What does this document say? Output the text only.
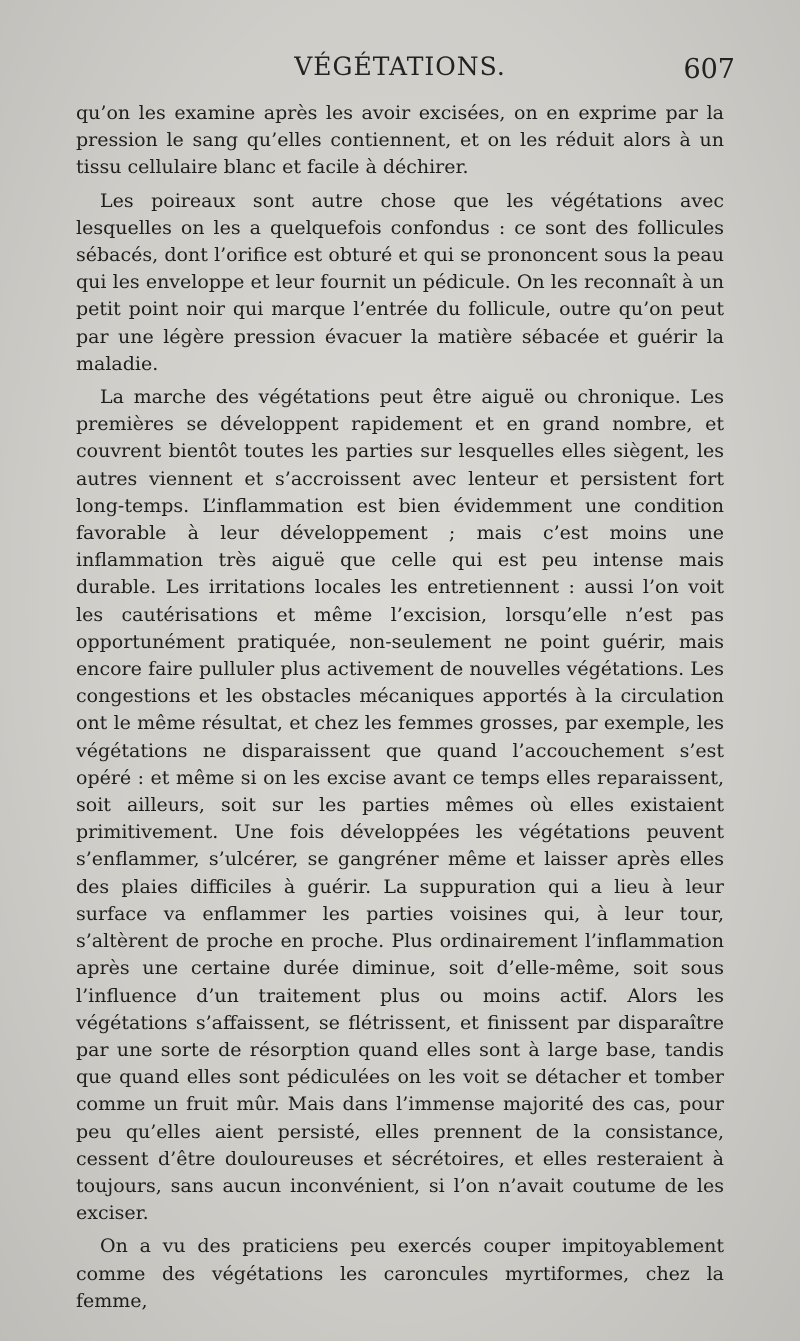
VÉGÉTATIONS.	607

qu’on les examine après les avoir excisées, on en exprime par la pression le sang qu’elles contiennent, et on les réduit alors à un tissu cellulaire blanc et facile à déchirer.

Les poireaux sont autre chose que les végétations avec lesquelles on les a quelquefois confondus : ce sont des follicules sébacés, dont l’orifice est obturé et qui se prononcent sous la peau qui les enveloppe et leur fournit un pédicule. On les reconnaît à un petit point noir qui marque l’entrée du follicule, outre qu’on peut par une légère pression évacuer la matière sébacée et guérir la maladie.

La marche des végétations peut être aiguë ou chronique. Les premières se développent rapidement et en grand nombre, et couvrent bientôt toutes les parties sur lesquelles elles siègent, les autres viennent et s’accroissent avec lenteur et persistent fort long-temps. L’inflammation est bien évidemment une condition favorable à leur développement ; mais c’est moins une inflammation très aiguë que celle qui est peu intense mais durable. Les irritations locales les entretiennent : aussi l’on voit les cautérisations et même l’excision, lorsqu’elle n’est pas opportunément pratiquée, non-seulement ne point guérir, mais encore faire pulluler plus activement de nouvelles végétations. Les congestions et les obstacles mécaniques apportés à la circulation ont le même résultat, et chez les femmes grosses, par exemple, les végétations ne disparaissent que quand l’accouchement s’est opéré : et même si on les excise avant ce temps elles reparaissent, soit ailleurs, soit sur les parties mêmes où elles existaient primitivement. Une fois développées les végétations peuvent s’enflammer, s’ulcérer, se gangréner même et laisser après elles des plaies difficiles à guérir. La suppuration qui a lieu à leur surface va enflammer les parties voisines qui, à leur tour, s’altèrent de proche en proche. Plus ordinairement l’inflammation après une certaine durée diminue, soit d’elle-même, soit sous l’influence d’un traitement plus ou moins actif. Alors les végétations s’affaissent, se flétrissent, et finissent par disparaître par une sorte de résorption quand elles sont à large base, tandis que quand elles sont pédiculées on les voit se détacher et tomber comme un fruit mûr. Mais dans l’immense majorité des cas, pour peu qu’elles aient persisté, elles prennent de la consistance, cessent d’être douloureuses et sécrétoires, et elles resteraient à toujours, sans aucun inconvénient, si l’on n’avait coutume de les exciser.

On a vu des praticiens peu exercés couper impitoyablement comme des végétations les caroncules myrtiformes, chez la femme,
